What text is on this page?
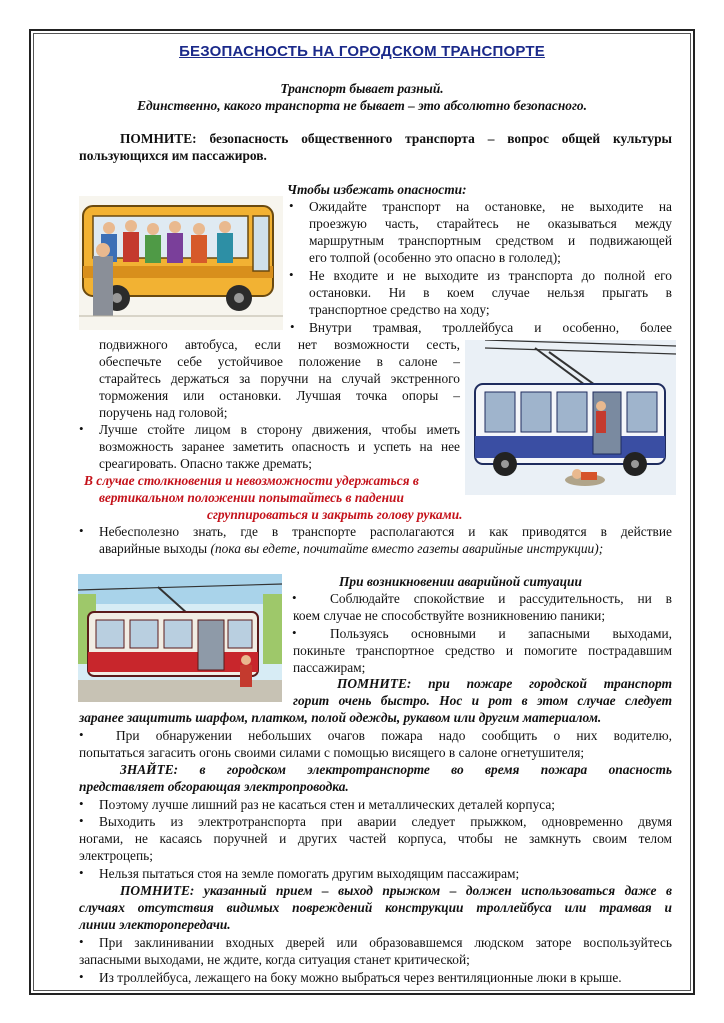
БЕЗОПАСНОСТЬ НА ГОРОДСКОМ ТРАНСПОРТЕ
Транспорт бывает разный.
Единственно, какого транспорта не бывает – это абсолютно безопасного.
ПОМНИТЕ: безопасность общественного транспорта – вопрос общей культуры
пользующихся им пассажиров.
Чтобы избежать опасности:
• Ожидайте транспорт на остановке, не выходите на
проезжую часть, старайтесь не оказываться между
маршрутным транспортным средством и подвижающей
его толпой (особенно это опасно в гололед);
• Не входите и не выходите из транспорта до полной его
остановки. Ни в коем случае нельзя прыгать в
транспортное средство на ходу;
• Внутри трамвая, троллейбуса и особенно, более
подвижного автобуса, если нет возможности сесть,
обеспечьте себе устойчивое положение в салоне –
старайтесь держаться за поручни на случай экстренного
торможения или остановки. Лучшая точка опоры –
поручень над головой;
• Лучше стойте лицом в сторону движения, чтобы иметь
возможность заранее заметить опасность и успеть на нее
среагировать. Опасно также дремать;
В случае столкновения и невозможности удержаться в
вертикальном положении попытайтесь в падении
сгруппироваться и закрыть голову руками.
• Небесполезно знать, где в транспорте располагаются и как приводятся в действие
аварийные выходы (пока вы едете, почитайте вместо газеты аварийные инструкции);
При возникновении аварийной ситуации
• Соблюдайте спокойствие и рассудительность, ни в
коем случае не способствуйте возникновению паники;
• Пользуясь основными и запасными выходами,
покиньте транспортное средство и помогите пострадавшим
пассажирам;
ПОМНИТЕ: при пожаре городской транспорт
горит очень быстро. Нос и рот в этом случае следует
заранее защитить шарфом, платком, полой одежды, рукавом или другим материалом.
• При обнаружении небольших очагов пожара надо сообщить о них водителю,
попытаться загасить огонь своими силами с помощью висящего в салоне огнетушителя;
ЗНАЙТЕ: в городском электротранспорте во время пожара опасность
представляет обгорающая электропроводка.
• Поэтому лучше лишний раз не касаться стен и металлических деталей корпуса;
• Выходить из электротранспорта при аварии следует прыжком, одновременно двумя
ногами, не касаясь поручней и других частей корпуса, чтобы не замкнуть своим телом
электроцепь;
• Нельзя пытаться стоя на земле помогать другим выходящим пассажирам;
ПОМНИТЕ: указанный прием – выход прыжком – должен использоваться даже в
случаях отсутствия видимых повреждений конструкции троллейбуса или трамвая и
линии электоропередачи.
• При заклинивании входных дверей или образовавшемся людском заторе воспользуйтесь
запасными выходами, не ждите, когда ситуация станет критической;
• Из троллейбуса, лежащего на боку можно выбраться через вентиляционные люки в крыше.
